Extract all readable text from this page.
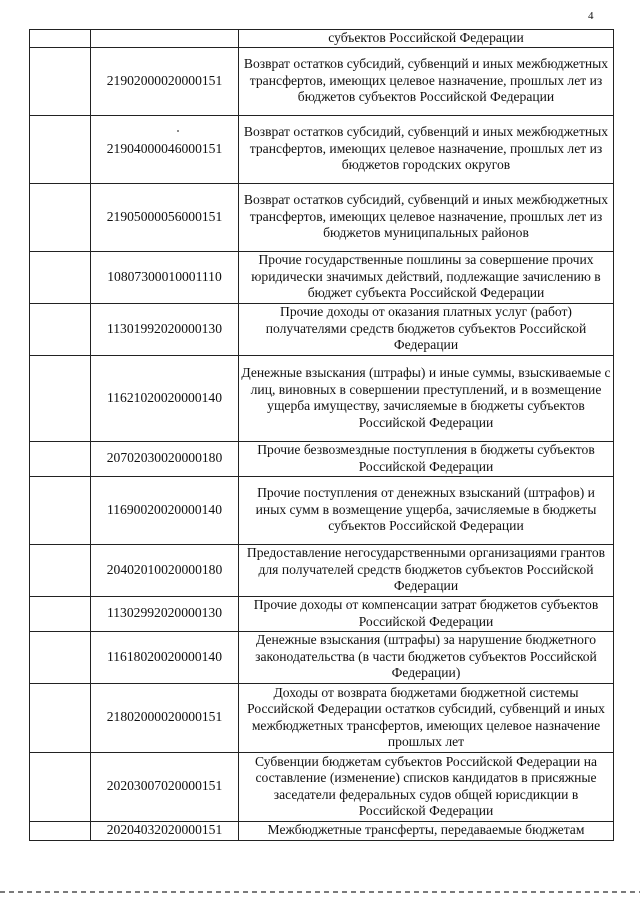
4
		субъектов Российской Федерации
	21902000020000151	Возврат остатков субсидий, субвенций и иных межбюджетных трансфертов, имеющих целевое назначение, прошлых лет из бюджетов субъектов Российской Федерации
	21904000046000151	Возврат остатков субсидий, субвенций и иных межбюджетных трансфертов, имеющих целевое назначение, прошлых лет из бюджетов городских округов
	21905000056000151	Возврат остатков субсидий, субвенций и иных межбюджетных трансфертов, имеющих целевое назначение, прошлых лет из бюджетов муниципальных районов
	10807300010001110	Прочие государственные пошлины за совершение прочих юридически значимых действий, подлежащие зачислению в бюджет субъекта Российской Федерации
	11301992020000130	Прочие доходы от оказания платных услуг (работ) получателями средств бюджетов субъектов Российской Федерации
	11621020020000140	Денежные взыскания (штрафы) и иные суммы, взыскиваемые с лиц, виновных в совершении преступлений, и в возмещение ущерба имуществу, зачисляемые в бюджеты субъектов Российской Федерации
	20702030020000180	Прочие безвозмездные поступления в бюджеты субъектов Российской Федерации
	11690020020000140	Прочие поступления от денежных взысканий (штрафов) и иных сумм в возмещение ущерба, зачисляемые в бюджеты субъектов Российской Федерации
	20402010020000180	Предоставление негосударственными организациями грантов для получателей средств бюджетов субъектов Российской Федерации
	11302992020000130	Прочие доходы от компенсации затрат бюджетов субъектов Российской Федерации
	11618020020000140	Денежные взыскания (штрафы) за нарушение бюджетного законодательства (в части бюджетов субъектов Российской Федерации)
	21802000020000151	Доходы от возврата бюджетами бюджетной системы Российской Федерации остатков субсидий, субвенций и иных межбюджетных трансфертов, имеющих целевое назначение прошлых лет
	20203007020000151	Субвенции бюджетам субъектов Российской Федерации на составление (изменение) списков кандидатов в присяжные заседатели федеральных судов общей юрисдикции в Российской Федерации
	20204032020000151	Межбюджетные трансферты, передаваемые бюджетам
